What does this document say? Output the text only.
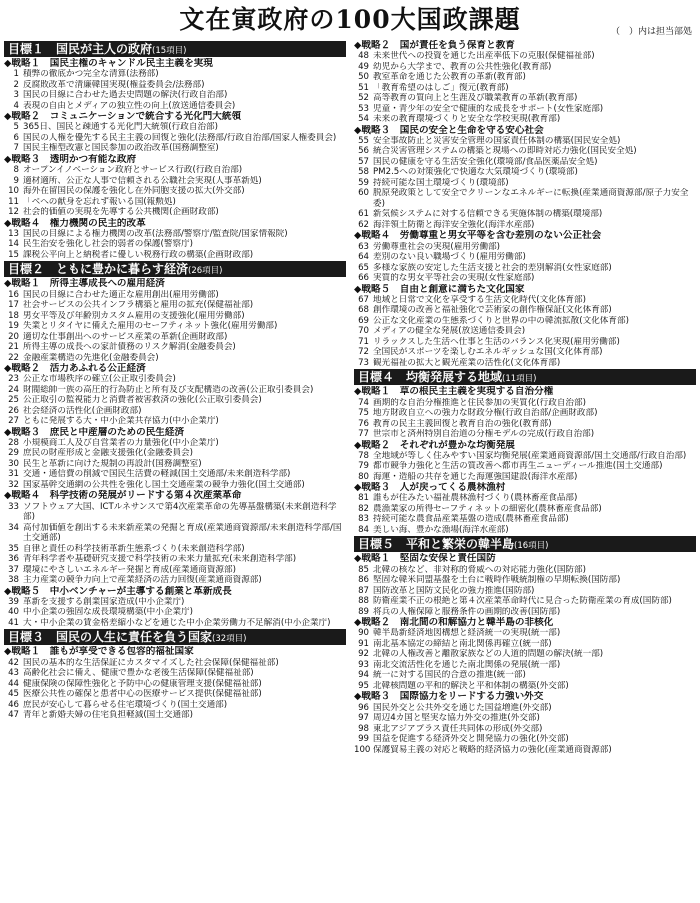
文在寅政府の100大国政課題	（　）内は担当部処
目標１　国民が主人の政府(15項目)
◆戦略１　国民主権のキャンドル民主主義を実現
1 積弊の徹底かつ完全な清算(法務部)
2 反腐敗改革で清廉韓国実現(権益委員会/法務部)
3 国民の目線に合わせた過去史問題の解決(行政自治部)
4 表現の自由とメディアの独立性の向上(放送通信委員会)
◆戦略２　コミュニケーションで統合する光化門大統領
5 365日、国民と疎通する光化門大統領(行政自治部)
6 国民の人権を優先する民主主義の回復と強化(法務部/行政自治部/国家人権委員会)
7 国民主権型改憲と国民参加の政治改革(国務調整室)
◆戦略３　透明かつ有能な政府
8 オープンイノベーション政府とサービス行政(行政自治部)
9 適材適所、公正な人事で信頼される公職社会実現(人事革新処)
10 海外在留国民の保護を強化し在外同胞支援の拡大(外交部)
11 「ベへの献身を忘れず報いる国(報勲処)
12 社会的価値の実現を先導する公共機関(企画財政部)
◆戦略４　権力機関の民主的改革
13 国民の目線による権力機関の改革(法務部/警察庁/監査院/国家情報院)
14 民生治安を強化し社会的弱者の保護(警察庁)
15 課税公平向上と納税者に優しい税務行政の構築(企画財政部)
目標２　ともに豊かに暮らす経済(26項目)
◆戦略１　所得主導成長への雇用経済
16 国民の目線に合わせた適正な雇用創出(雇用労働部)
17 社会サービスの公共インフラ構築と雇用の拡充(保健福祉部)
18 男女平等及び年齢別カスタム雇用の支援強化(雇用労働部)
19 失業とリタイヤに備えた雇用のセーフティネット強化(雇用労働部)
20 適切な仕事創出へのサービス産業の革新(企画財政部)
21 所得主導の成長への家計債務のリスク解消(金融委員会)
22 金融産業構造の先進化(金融委員会)
◆戦略２　活力あふれる公正経済
23 公正な市場秩序の確立(公正取引委員会)
24 財閥総帥一族の高圧的行為防止と所有及び支配構造の改善(公正取引委員会)
25 公正取引の監視能力と消費者被害救済の強化(公正取引委員会)
26 社会経済の活性化(企画財政部)
27 ともに発展する大・中小企業共存協力(中小企業庁)
◆戦略３　庶民と中産層のための民生経済
28 小規模商工人及び自営業者の力量強化(中小企業庁)
29 庶民の財産形成と金融支援強化(金融委員会)
30 民生と革新に向けた規制の再設計(国務調整室)
31 交通・通信費の削減で国民生活費の軽減(国土交通部/未来創造科学部)
32 国家基幹交通網の公共性を強化し国土交通産業の競争力強化(国土交通部)
◆戦略４　科学技術の発展がリードする第４次産業革命
33 ソフトウェア大国、ICTルネサンスで第4次産業革命の先導基盤構築(未来創造科学部)
34 高付加価値を創出する未来新産業の発掘と育成(産業通商資源部/未来創造科学部/国土交通部)
35 自律と責任の科学技術革新生態系づくり(未来創造科学部)
36 青年科学者や基礎研究支援で科学技術の未来力量拡充(未来創造科学部)
37 環境にやさしいエネルギー発掘と育成(産業通商資源部)
38 主力産業の競争力向上で産業経済の活力回復(産業通商資源部)
◆戦略５　中小ベンチャーが主導する創業と革新成長
39 革新を支援する創業国家造成(中小企業庁)
40 中小企業の強固な成長環境構築(中小企業庁)
41 大・中小企業の賃金格差縮小などを通じた中小企業労働力不足解消(中小企業庁)
目標３　国民の人生に責任を負う国家(32項目)
◆戦略１　誰もが享受できる包容的福祉国家
42 国民の基本的な生活保証にカスタマイズした社会保障(保健福祉部)
43 高齢化社会に備え、健康で豊かな老後生活保障(保健福祉部)
44 健康保険の保障性強化と予防中心の健康管理支援(保健福祉部)
45 医療公共性の確保と患者中心の医療サービス提供(保健福祉部)
46 庶民が安心して暮らせる住宅環境づくり(国土交通部)
47 青年と新婚夫婦の住宅負担軽減(国土交通部)
◆戦略２　国が責任を負う保育と教育
48 未来世代への投資を通じた出産率低下の克服(保健福祉部)
49 幼児から大学まで、教育の公共性強化(教育部)
50 教室革命を通じた公教育の革新(教育部)
51 「教育希望のはしご」復元(教育部)
52 高等教育の質向上と生涯及び職業教育の革新(教育部)
53 児童・青少年の安全で健康的な成長をサポート(女性家庭部)
54 未来の教育環境づくりと安全な学校実現(教育部)
◆戦略３　国民の安全と生命を守る安心社会
55 安全事故防止と災害安全管理の国家責任体制の構築(国民安全処)
56 統合災害管理システムの構築と現場への即時対応力強化(国民安全処)
57 国民の健康を守る生活安全強化(環境部/食品医薬品安全処)
58 PM2.5への対策強化で快適な大気環境づくり(環境部)
59 持続可能な国土環境づくり(環境部)
60 脱原発政策として安全でクリーンなエネルギーに転換(産業通商資源部/原子力安全委)
61 新気候システムに対する信頼できる実施体制の構築(環境部)
62 海洋領土防衛と海洋安全強化(海洋水産部)
◆戦略４　労働尊重と男女平等を含む差別のない公正社会
63 労働尊重社会の実現(雇用労働部)
64 差別のない良い職場づくり(雇用労働部)
65 多様な家族の安定した生活支援と社会的差別解消(女性家庭部)
66 実質的な男女平等社会の実現(女性家庭部)
◆戦略５　自由と創意に満ちた文化国家
67 地域と日常で文化を享受する生活文化時代(文化体育部)
68 創作環境の改善と福祉強化で芸術家の創作権保証(文化体育部)
69 公正な文化産業の生態系づくりと世界の中の韓流拡散(文化体育部)
70 メディアの健全な発展(放送通信委員会)
71 リラックスした生活へ仕事と生活のバランス化実現(雇用労働部)
72 全国民がスポーツを楽しむエネルギッシュな国(文化体育部)
73 観光福祉の拡大と観光産業の活性化(文化体育部)
目標４　均衡発展する地域(11項目)
◆戦略１　草の根民主主義を実現する自治分権
74 画期的な自治分権推進と住民参加の実質化(行政自治部)
75 地方財政自立への強力な財政分権(行政自治部/企画財政部)
76 教育の民主主義回復と教育自治の強化(教育部)
77 世宗市と済州特別自治道の分権モデルの完成(行政自治部)
◆戦略２　それぞれが豊かな均衡発展
78 全地域が等しく住みやすい国家均衡発展(産業通商資源部/国土交通部/行政自治部)
79 都市競争力強化と生活の質改善へ都市再生ニューディール推進(国土交通部)
80 海運・造船の共存を通じた海運強国建設(海洋水産部)
◆戦略３　人が戻ってくる農林漁村
81 誰もが住みたい福祉農林漁村づくり(農林畜産食品部)
82 農漁業家の所得セーフティネットの細密化(農林畜産食品部)
83 持続可能な農食品産業基盤の造成(農林畜産食品部)
84 美しい海、豊かな漁場(海洋水産部)
目標５　平和と繁栄の韓半島(16項目)
◆戦略１　堅固な安保と責任国防
85 北韓の核など、非対称的脅威への対応能力強化(国防部)
86 堅固な韓米同盟基盤を土台に戦時作戦統制権の早期転換(国防部)
87 国防改革と国防文民化の強力推進(国防部)
88 防衛産業不正の根絶と第４次産業革命時代に見合った防衛産業の育成(国防部)
89 将兵の人権保障と服務条件の画期的改善(国防部)
◆戦略２　南北間の和解協力と韓半島の非核化
90 韓半島新経済地図構想と経済統一の実現(統一部)
91 南北基本協定の締結と南北関係再確立(統一部)
92 北韓の人権改善と離散家族などの人道的問題の解決(統一部)
93 南北交流活性化を通じた南北関係の発展(統一部)
94 統一に対する国民的合意の推進(統一部)
95 北韓核問題の平和的解決と平和体制の構築(外交部)
◆戦略３　国際協力をリードする力強い外交
96 国民外交と公共外交を通じた国益増進(外交部)
97 周辺4カ国と堅実な協力外交の推進(外交部)
98 東北アジアプラス責任共同体の形成(外交部)
99 国益を促進する経済外交と開発協力の強化(外交部)
100 保護貿易主義の対応と戦略的経済協力の強化(産業通商資源部)
